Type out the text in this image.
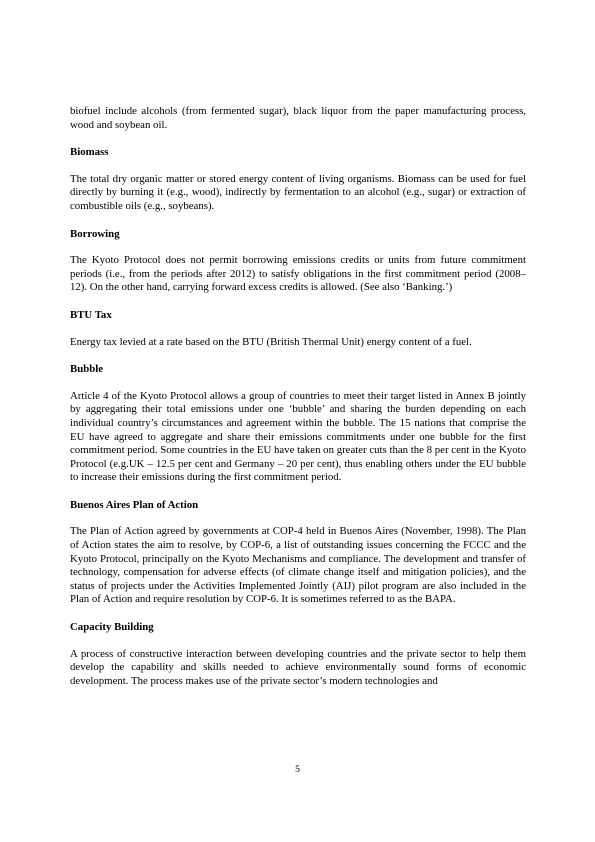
biofuel include alcohols (from fermented sugar), black liquor from the paper manufacturing process, wood and soybean oil.

Biomass

The total dry organic matter or stored energy content of living organisms. Biomass can be used for fuel directly by burning it (e.g., wood), indirectly by fermentation to an alcohol (e.g., sugar) or extraction of combustible oils (e.g., soybeans).

Borrowing

The Kyoto Protocol does not permit borrowing emissions credits or units from future commitment periods (i.e., from the periods after 2012) to satisfy obligations in the first commitment period (2008–12). On the other hand, carrying forward excess credits is allowed. (See also ‘Banking.’)

BTU Tax

Energy tax levied at a rate based on the BTU (British Thermal Unit) energy content of a fuel.

Bubble

Article 4 of the Kyoto Protocol allows a group of countries to meet their target listed in Annex B jointly by aggregating their total emissions under one ‘bubble’ and sharing the burden depending on each individual country’s circumstances and agreement within the bubble. The 15 nations that comprise the EU have agreed to aggregate and share their emissions commitments under one bubble for the first commitment period. Some countries in the EU have taken on greater cuts than the 8 per cent in the Kyoto Protocol (e.g.UK – 12.5 per cent and Germany – 20 per cent), thus enabling others under the EU bubble to increase their emissions during the first commitment period.

Buenos Aires Plan of Action

The Plan of Action agreed by governments at COP-4 held in Buenos Aires (November, 1998). The Plan of Action states the aim to resolve, by COP-6, a list of outstanding issues concerning the FCCC and the Kyoto Protocol, principally on the Kyoto Mechanisms and compliance. The development and transfer of technology, compensation for adverse effects (of climate change itself and mitigation policies), and the status of projects under the Activities Implemented Jointly (AIJ) pilot program are also included in the Plan of Action and require resolution by COP-6. It is sometimes referred to as the BAPA.

Capacity Building

A process of constructive interaction between developing countries and the private sector to help them develop the capability and skills needed to achieve environmentally sound forms of economic development. The process makes use of the private sector’s modern technologies and

5
